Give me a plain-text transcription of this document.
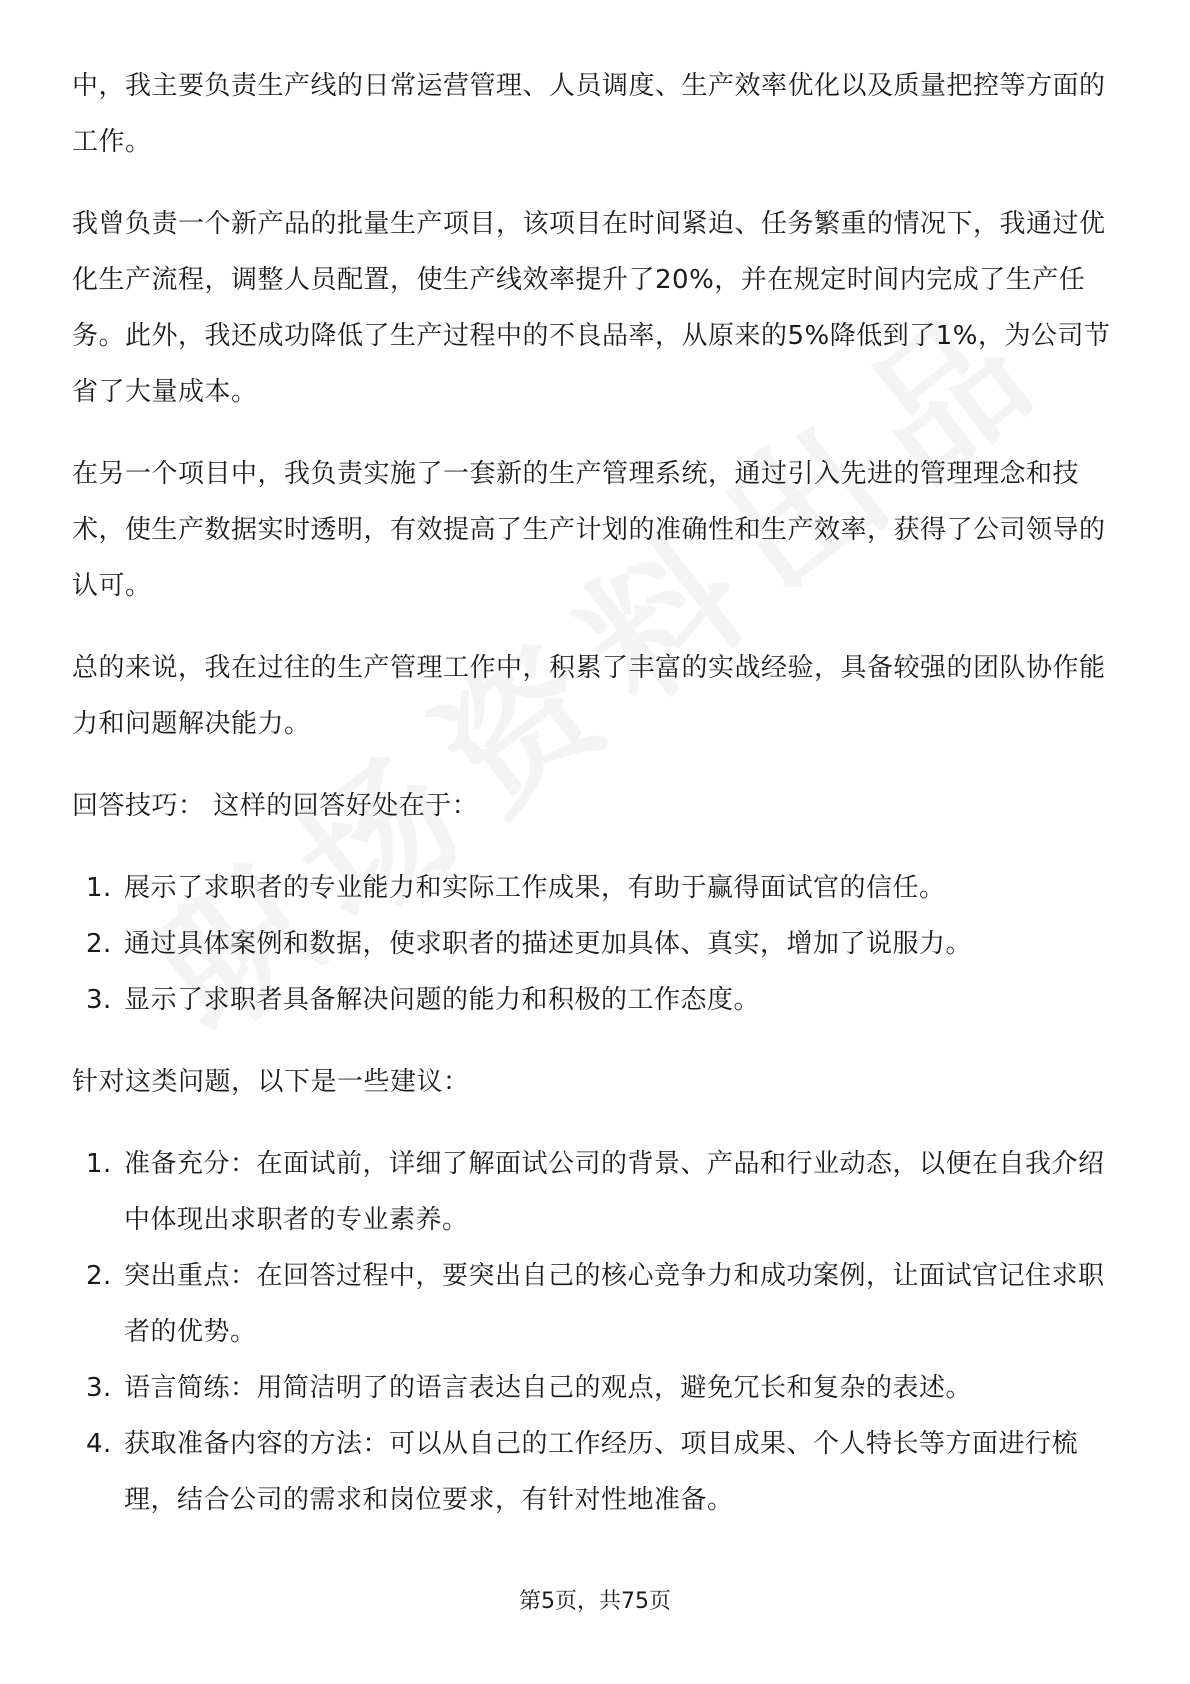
中，我主要负责生产线的日常运营管理、人员调度、生产效率优化以及质量把控等方面的工作。

我曾负责一个新产品的批量生产项目，该项目在时间紧迫、任务繁重的情况下，我通过优化生产流程，调整人员配置，使生产线效率提升了20%，并在规定时间内完成了生产任务。此外，我还成功降低了生产过程中的不良品率，从原来的5%降低到了1%，为公司节省了大量成本。

在另一个项目中，我负责实施了一套新的生产管理系统，通过引入先进的管理理念和技术，使生产数据实时透明，有效提高了生产计划的准确性和生产效率，获得了公司领导的认可。

总的来说，我在过往的生产管理工作中，积累了丰富的实战经验，具备较强的团队协作能力和问题解决能力。

回答技巧： 这样的回答好处在于：

1. 展示了求职者的专业能力和实际工作成果，有助于赢得面试官的信任。
2. 通过具体案例和数据，使求职者的描述更加具体、真实，增加了说服力。
3. 显示了求职者具备解决问题的能力和积极的工作态度。

针对这类问题，以下是一些建议：

1. 准备充分：在面试前，详细了解面试公司的背景、产品和行业动态，以便在自我介绍中体现出求职者的专业素养。
2. 突出重点：在回答过程中，要突出自己的核心竞争力和成功案例，让面试官记住求职者的优势。
3. 语言简练：用简洁明了的语言表达自己的观点，避免冗长和复杂的表述。
4. 获取准备内容的方法：可以从自己的工作经历、项目成果、个人特长等方面进行梳理，结合公司的需求和岗位要求，有针对性地准备。
第5页，共75页
